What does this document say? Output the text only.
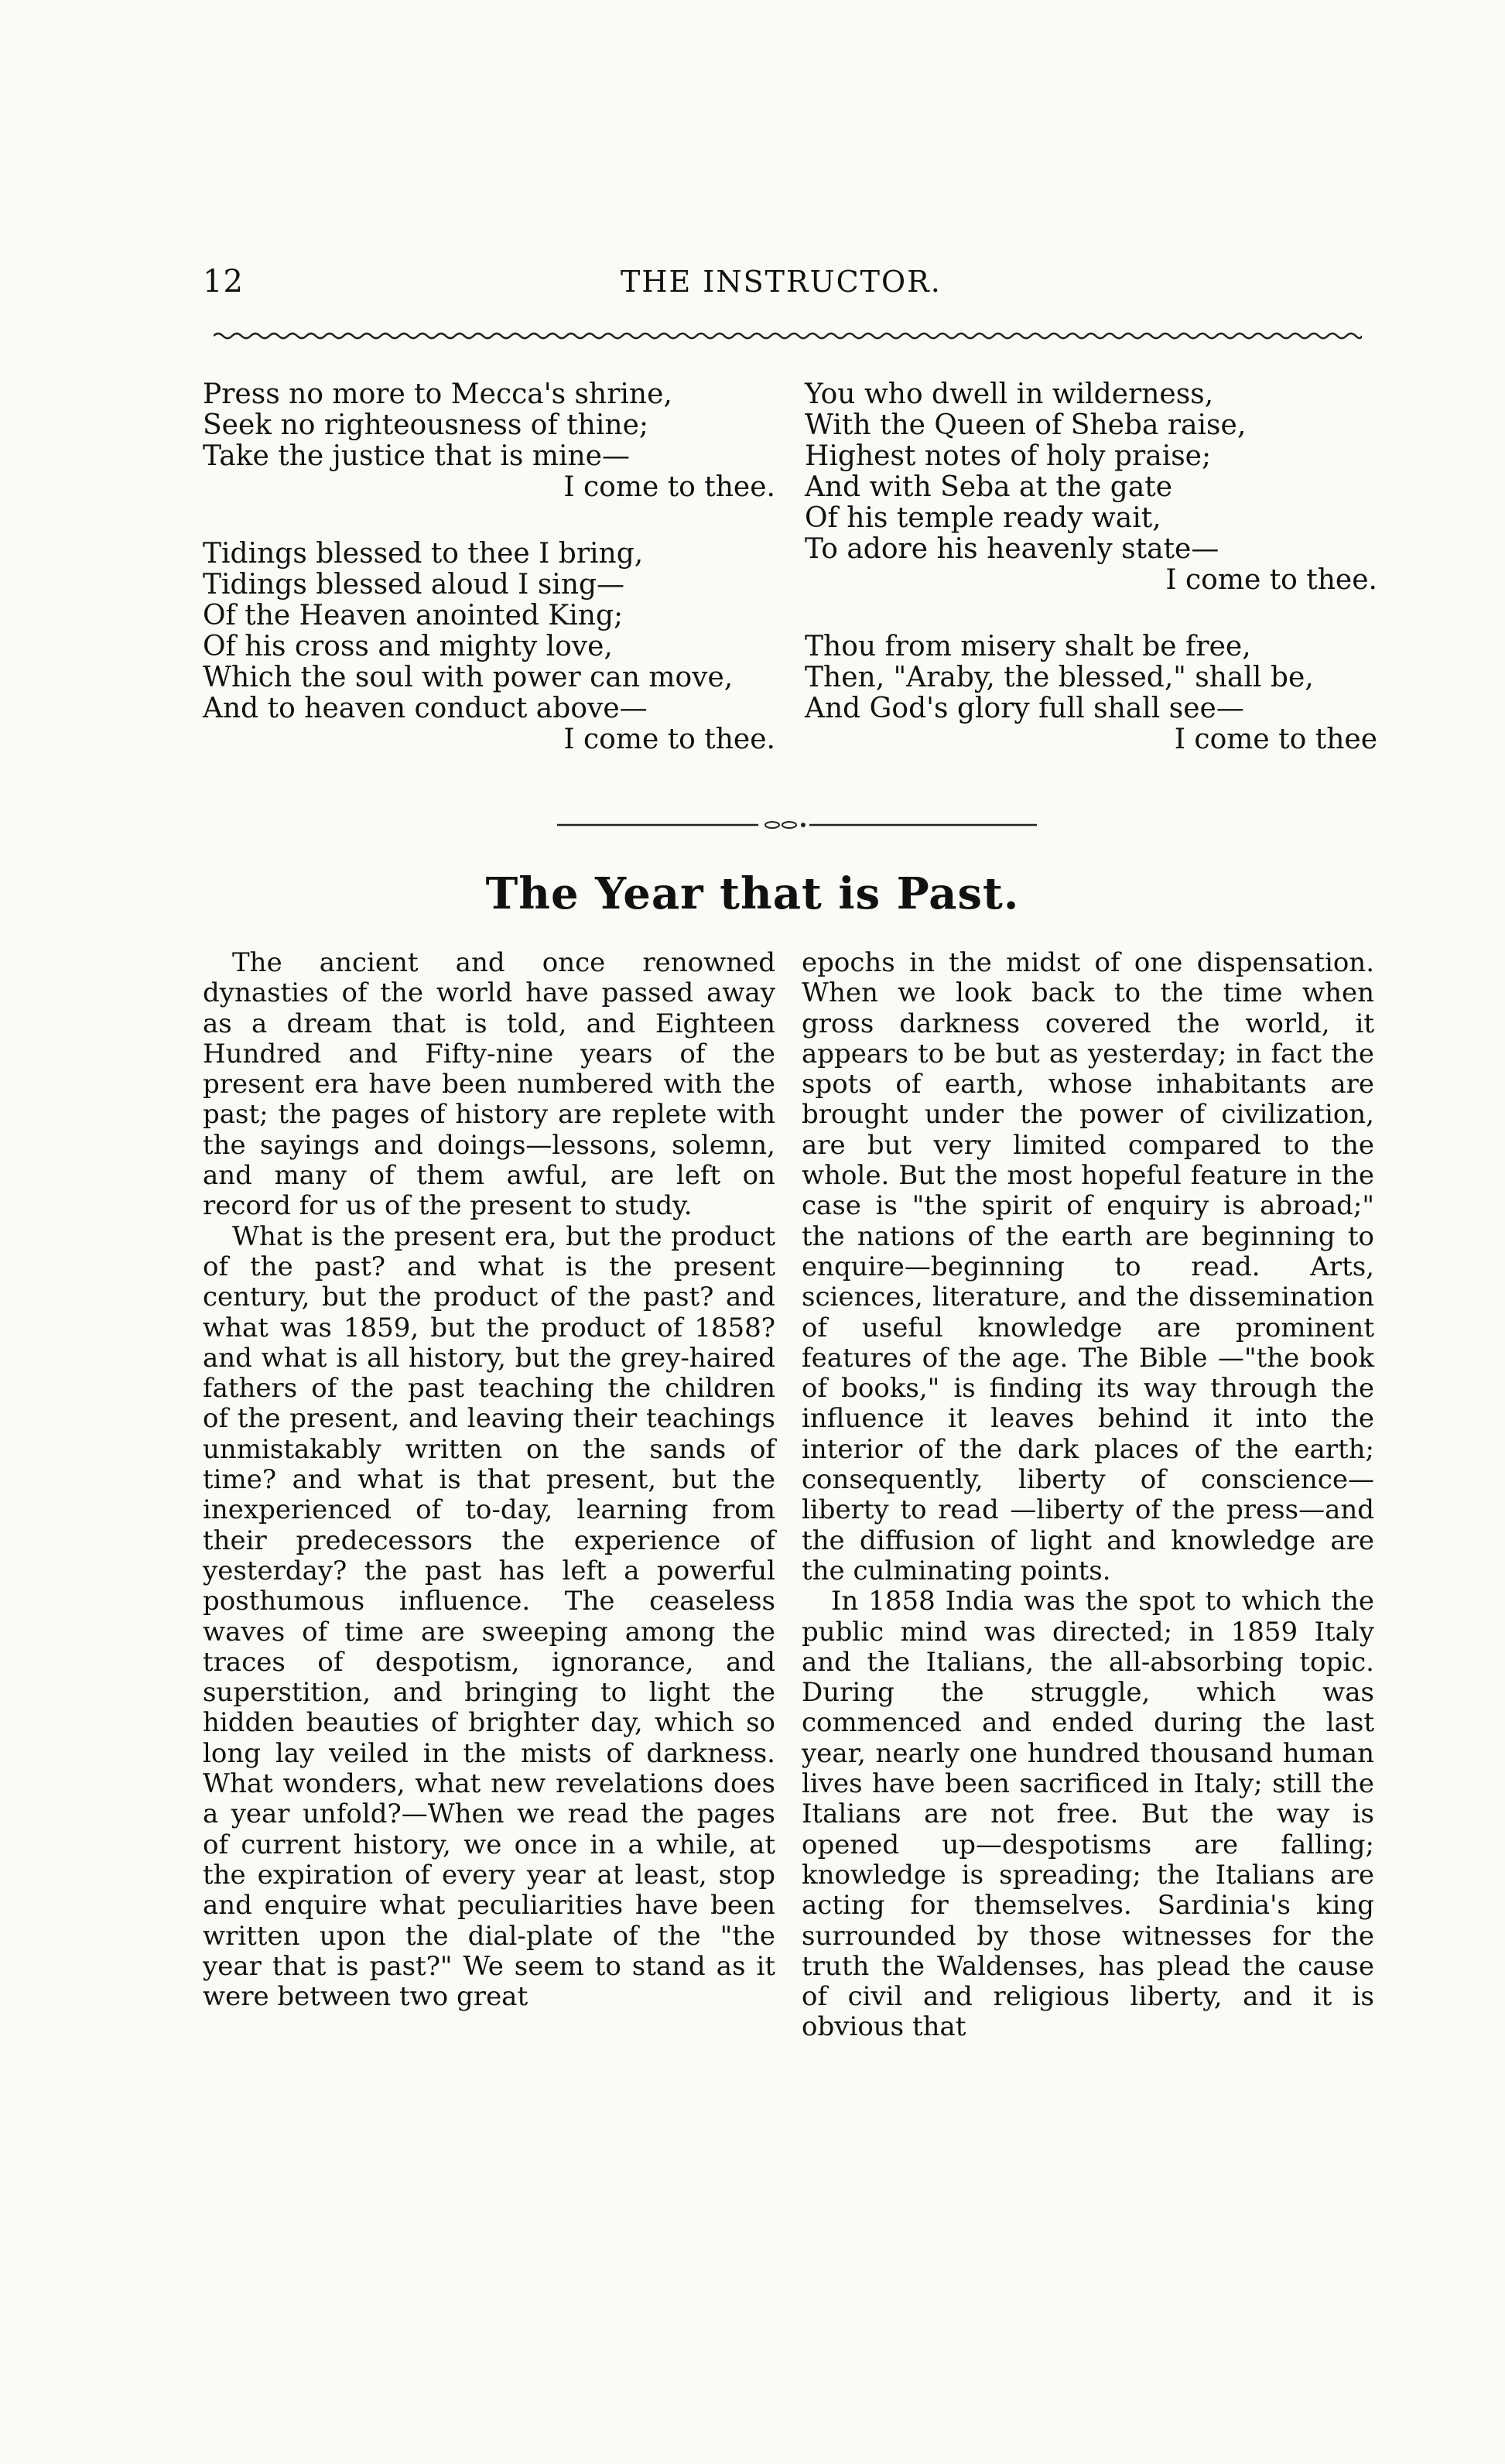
12	THE INSTRUCTOR.
Press no more to Mecca's shrine,
Seek no righteousness of thine;
Take the justice that is mine—
I come to thee.
Tidings blessed to thee I bring,
Tidings blessed aloud I sing—
Of the Heaven anointed King;
Of his cross and mighty love,
Which the soul with power can move,
And to heaven conduct above—
I come to thee.
You who dwell in wilderness,
With the Queen of Sheba raise,
Highest notes of holy praise;
And with Seba at the gate
Of his temple ready wait,
To adore his heavenly state—
I come to thee.
Thou from misery shalt be free,
Then, "Araby, the blessed," shall be,
And God's glory full shall see—
I come to thee
The Year that is Past.

The ancient and once renowned dynasties of the world have passed away as a dream that is told, and Eighteen Hundred and Fifty-nine years of the present era have been numbered with the past; the pages of history are replete with the sayings and doings—lessons, solemn, and many of them awful, are left on record for us of the present to study.

What is the present era, but the product of the past? and what is the present century, but the product of the past? and what was 1859, but the product of 1858? and what is all history, but the grey-haired fathers of the past teaching the children of the present, and leaving their teachings unmistakably written on the sands of time? and what is that present, but the inexperienced of to-day, learning from their predecessors the experience of yesterday? the past has left a powerful posthumous influence. The ceaseless waves of time are sweeping among the traces of despotism, ignorance, and superstition, and bringing to light the hidden beauties of brighter day, which so long lay veiled in the mists of darkness. What wonders, what new revelations does a year unfold?—When we read the pages of current history, we once in a while, at the expiration of every year at least, stop and enquire what peculiarities have been written upon the dial-plate of the "the year that is past?" We seem to stand as it were between two great

epochs in the midst of one dispensation. When we look back to the time when gross darkness covered the world, it appears to be but as yesterday; in fact the spots of earth, whose inhabitants are brought under the power of civilization, are but very limited compared to the whole. But the most hopeful feature in the case is "the spirit of enquiry is abroad;" the nations of the earth are beginning to enquire—beginning to read. Arts, sciences, literature, and the dissemination of useful knowledge are prominent features of the age. The Bible —"the book of books," is finding its way through the influence it leaves behind it into the interior of the dark places of the earth; consequently, liberty of conscience—liberty to read —liberty of the press—and the diffusion of light and knowledge are the culminating points.

In 1858 India was the spot to which the public mind was directed; in 1859 Italy and the Italians, the all-absorbing topic. During the struggle, which was commenced and ended during the last year, nearly one hundred thousand human lives have been sacrificed in Italy; still the Italians are not free. But the way is opened up—despotisms are falling; knowledge is spreading; the Italians are acting for themselves. Sardinia's king surrounded by those witnesses for the truth the Waldenses, has plead the cause of civil and religious liberty, and it is obvious that
